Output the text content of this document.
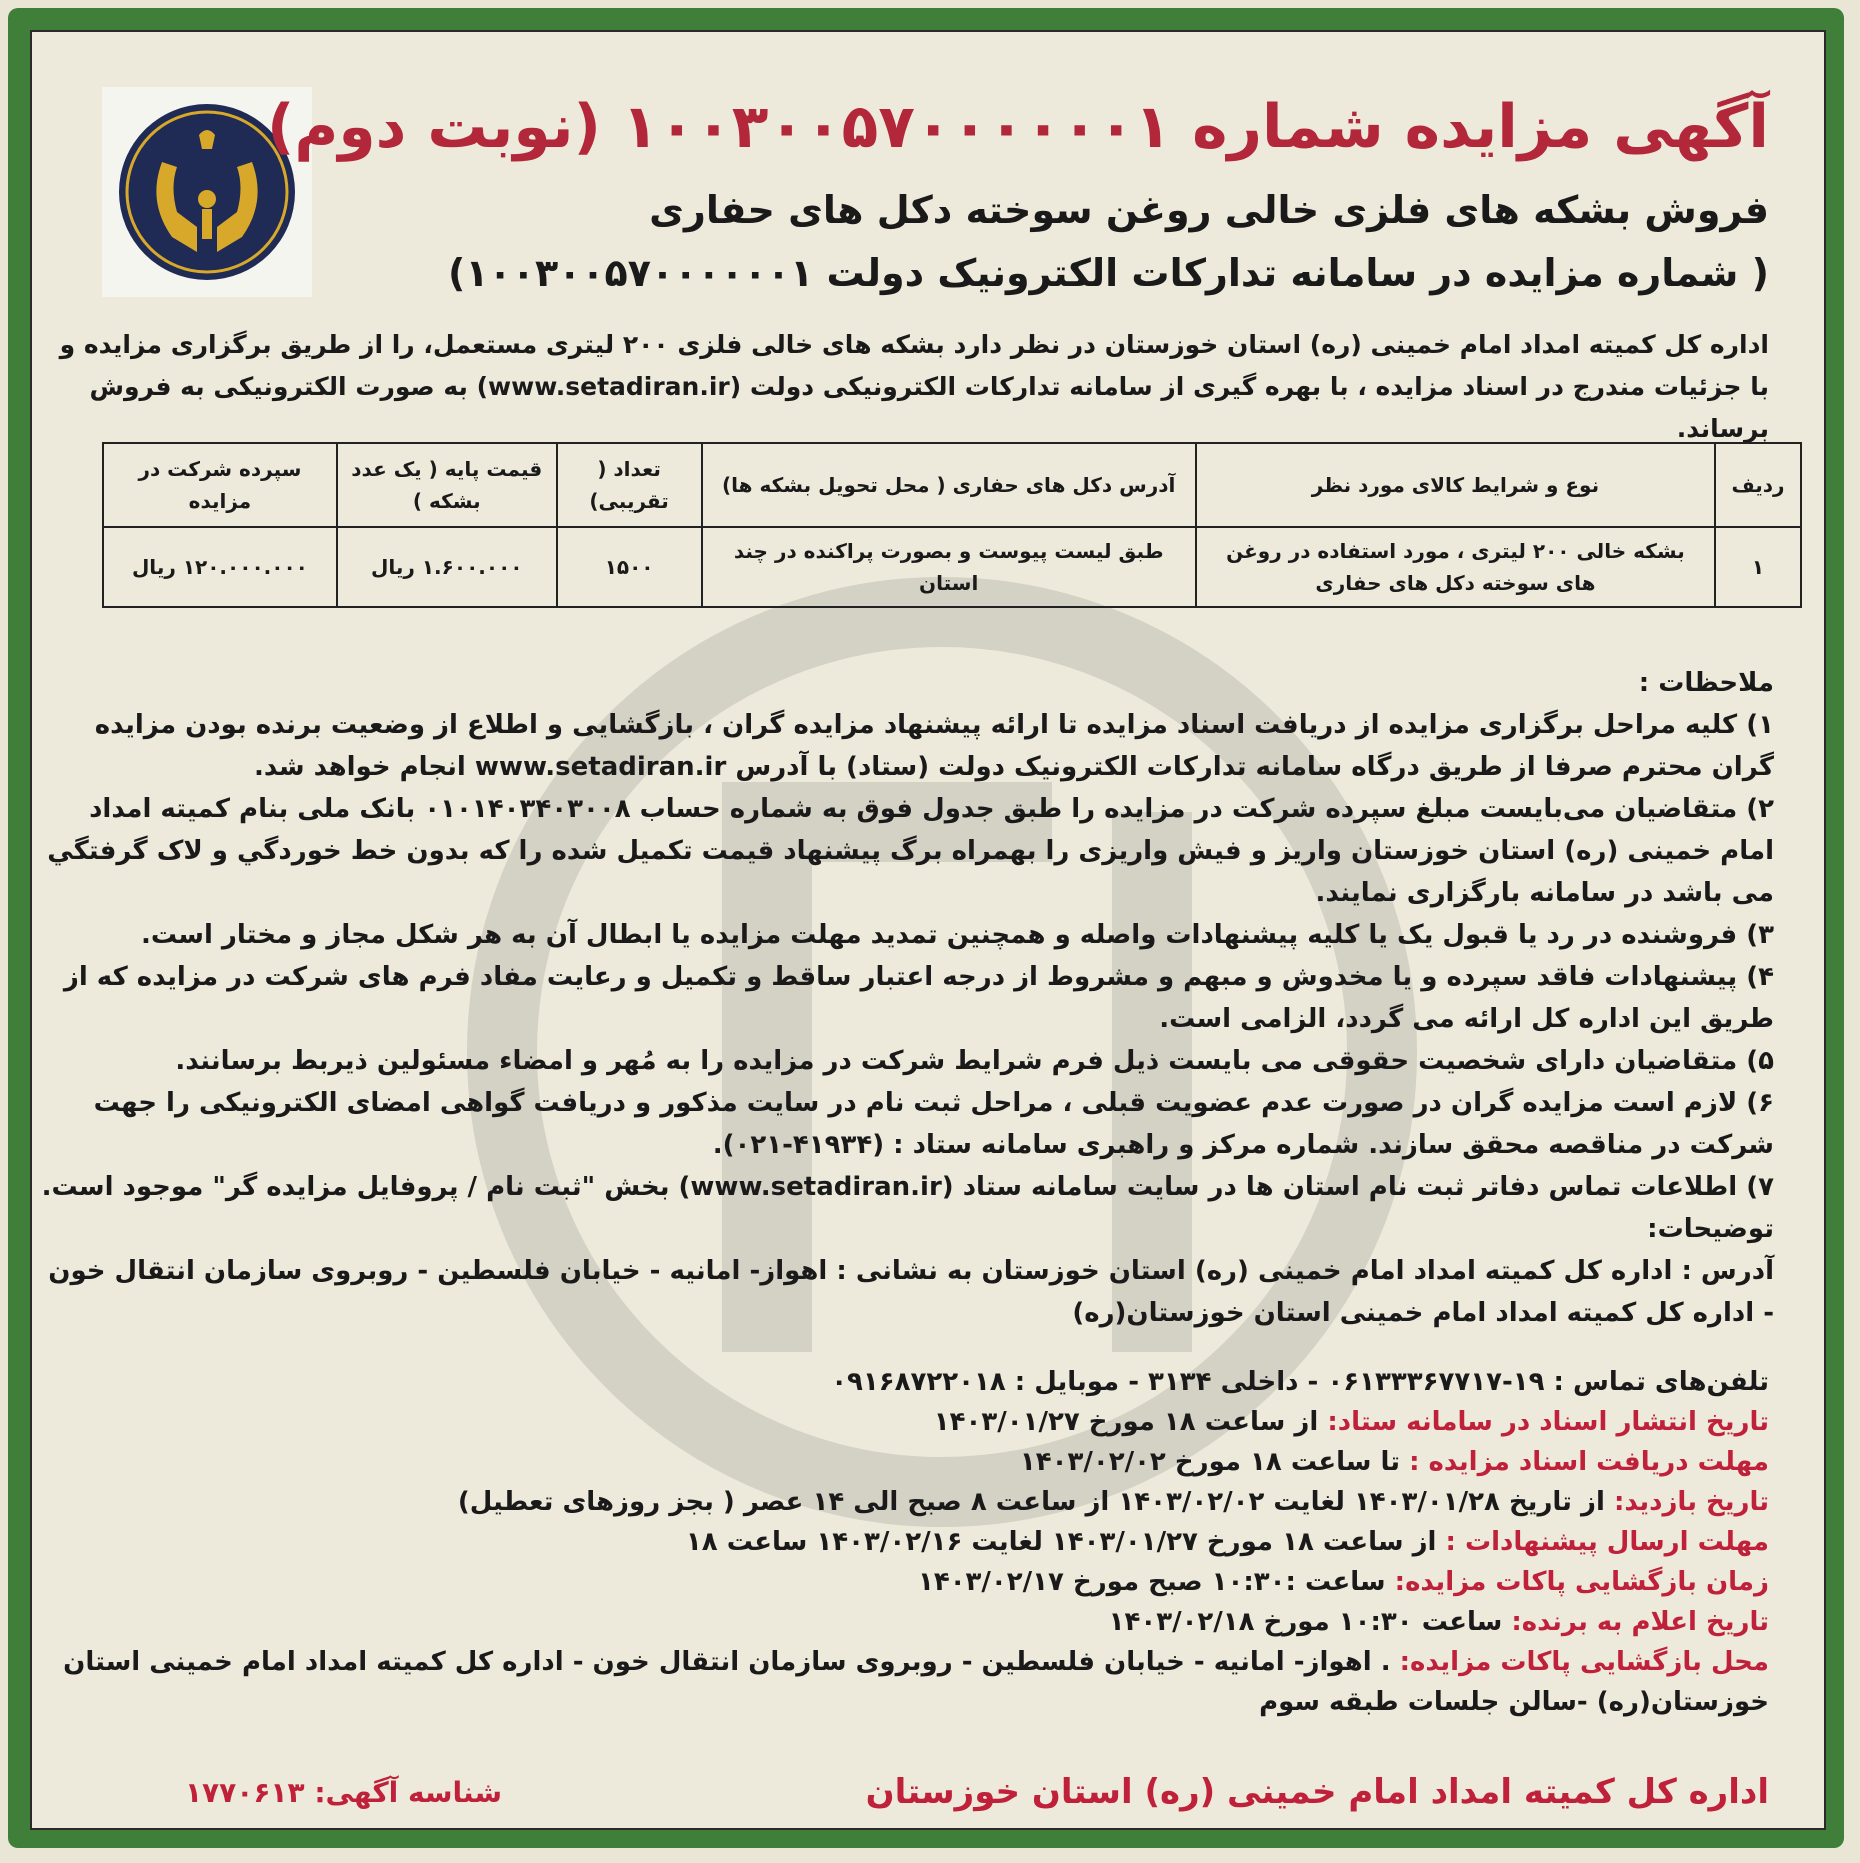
آگهی مزایده شماره ۱۰۰۳۰۰۵۷۰۰۰۰۰۰۱ (نوبت دوم)
فروش بشکه های فلزی خالی روغن سوخته دکل های حفاری
( شماره مزایده در سامانه تدارکات الکترونیک دولت ۱۰۰۳۰۰۵۷۰۰۰۰۰۰۱)
اداره کل کمیته امداد امام خمینی (ره) استان خوزستان در نظر دارد بشکه های خالی فلزی ۲۰۰ لیتری مستعمل، را از طریق برگزاری مزایده و با جزئیات مندرج در اسناد مزایده ، با بهره گیری از سامانه تدارکات الکترونیکی دولت (www.setadiran.ir) به صورت الکترونیکی به فروش برساند.
ردیف	نوع و شرایط کالای مورد نظر	آدرس دکل های حفاری ( محل تحویل بشکه ها)	تعداد ( تقریبی)	قیمت پایه ( یک عدد بشکه )	سپرده شرکت در مزایده
۱	بشکه خالی ۲۰۰ لیتری ، مورد استفاده در روغن های سوخته دکل های حفاری	طبق لیست پیوست و بصورت پراکنده در چند استان	۱۵۰۰	۱.۶۰۰.۰۰۰ ریال	۱۲۰.۰۰۰.۰۰۰ ریال

ملاحظات :

۱) کلیه مراحل برگزاری مزایده از دریافت اسناد مزایده تا ارائه پیشنهاد مزایده گران ، بازگشایی و اطلاع از وضعیت برنده بودن مزایده گران محترم صرفا از طریق درگاه سامانه تدارکات الکترونیک دولت (ستاد) با آدرس www.setadiran.ir انجام خواهد شد.

۲) متقاضیان می‌بایست مبلغ سپرده شرکت در مزایده را طبق جدول فوق به شماره حساب ۰۱۰۱۴۰۳۴۰۳۰۰۸ بانک ملی بنام کمیته امداد امام خمینی (ره) استان خوزستان واریز و فیش واریزی را بهمراه برگ پیشنهاد قیمت تکمیل شده را که بدون خط خوردگي و لاک گرفتگي می باشد در سامانه بارگزاری نمایند.

۳) فروشنده در رد یا قبول یک یا کلیه پیشنهادات واصله و همچنین تمدید مهلت مزایده یا ابطال آن به هر شکل مجاز و مختار است.

۴) پیشنهادات فاقد سپرده و یا مخدوش و مبهم و مشروط از درجه اعتبار ساقط و تکمیل و رعایت مفاد فرم های شرکت در مزایده که از طریق این اداره کل ارائه می گردد، الزامی است.

۵) متقاضیان دارای شخصیت حقوقی می بایست ذیل فرم شرایط شرکت در مزایده را به مُهر و امضاء مسئولین ذیربط برسانند.

۶) لازم است مزایده گران در صورت عدم عضویت قبلی ، مراحل ثبت نام در سایت مذکور و دریافت گواهی امضای الکترونیکی را جهت شرکت در مناقصه محقق سازند. شماره مرکز و راهبری سامانه ستاد : (۴۱۹۳۴-۰۲۱).

۷) اطلاعات تماس دفاتر ثبت نام استان ها در سایت سامانه ستاد (www.setadiran.ir) بخش "ثبت نام / پروفایل مزایده گر" موجود است.

توضیحات:

آدرس : اداره کل کمیته امداد امام خمینی (ره) استان خوزستان به نشانی : اهواز- امانیه - خیابان فلسطین - روبروی سازمان انتقال خون - اداره کل کمیته امداد امام خمینی استان خوزستان(ره)

تلفن‌های تماس : ۱۹-۰۶۱۳۳۳۶۷۷۱۷ - داخلی ۳۱۳۴ - موبایل : ۰۹۱۶۸۷۲۲۰۱۸

تاریخ انتشار اسناد در سامانه ستاد: از ساعت ۱۸ مورخ ۱۴۰۳/۰۱/۲۷

مهلت دریافت اسناد مزایده : تا ساعت ۱۸ مورخ ۱۴۰۳/۰۲/۰۲

تاریخ بازدید: از تاریخ ۱۴۰۳/۰۱/۲۸ لغایت ۱۴۰۳/۰۲/۰۲ از ساعت ۸ صبح الی ۱۴ عصر ( بجز روزهای تعطیل)

مهلت ارسال پیشنهادات : از ساعت ۱۸ مورخ ۱۴۰۳/۰۱/۲۷ لغایت ۱۴۰۳/۰۲/۱۶ ساعت ۱۸

زمان بازگشایی پاکات مزایده: ساعت :۱۰:۳۰ صبح مورخ ۱۴۰۳/۰۲/۱۷

تاریخ اعلام به برنده: ساعت ۱۰:۳۰ مورخ ۱۴۰۳/۰۲/۱۸

محل بازگشایی پاکات مزایده: . اهواز- امانیه - خیابان فلسطین - روبروی سازمان انتقال خون - اداره کل کمیته امداد امام خمینی استان خوزستان(ره) -سالن جلسات طبقه سوم

اداره کل کمیته امداد امام خمینی (ره) استان خوزستان
شناسه آگهی: ۱۷۷۰۶۱۳
